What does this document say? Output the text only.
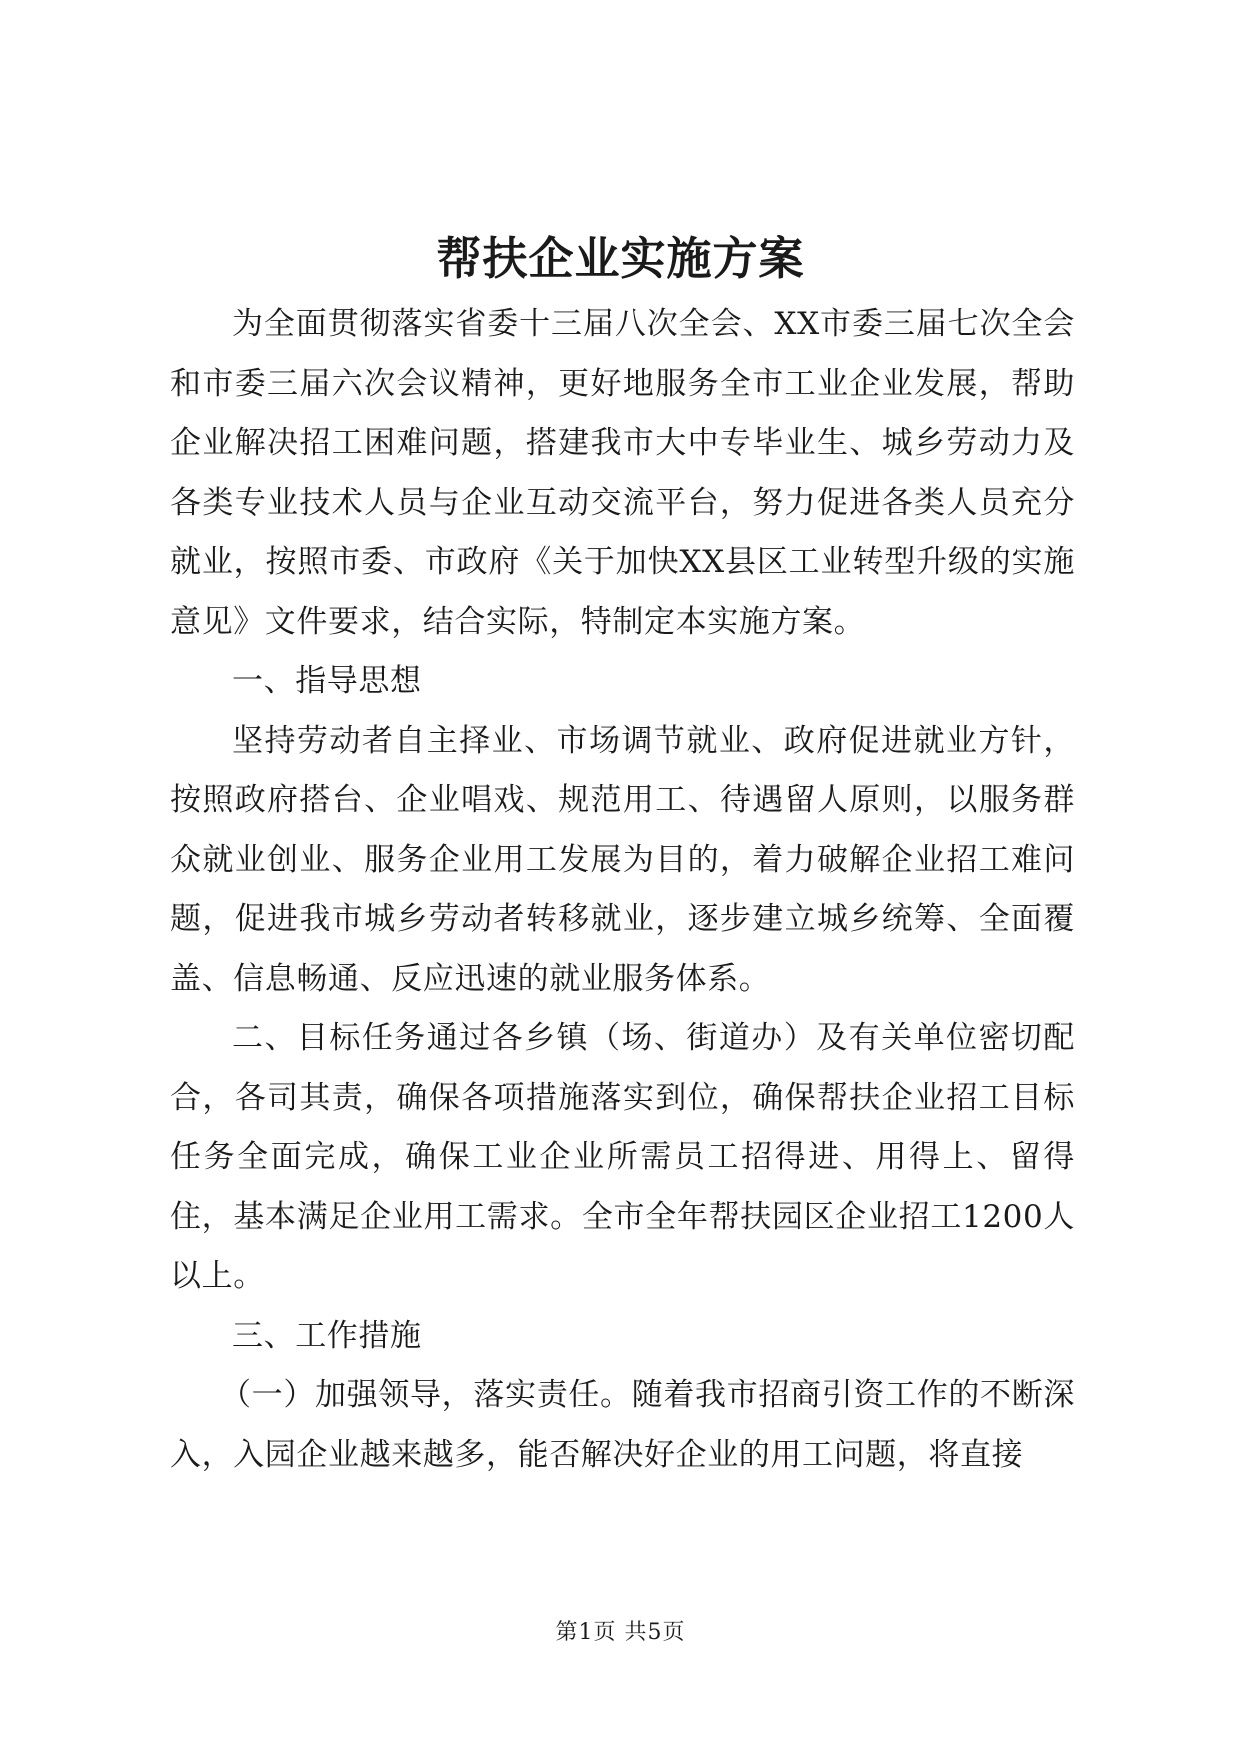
帮扶企业实施方案

为全面贯彻落实省委十三届八次全会、XX市委三届七次全会和市委三届六次会议精神，更好地服务全市工业企业发展，帮助企业解决招工困难问题，搭建我市大中专毕业生、城乡劳动力及各类专业技术人员与企业互动交流平台，努力促进各类人员充分就业，按照市委、市政府《关于加快XX县区工业转型升级的实施意见》文件要求，结合实际，特制定本实施方案。

一、指导思想

坚持劳动者自主择业、市场调节就业、政府促进就业方针，按照政府搭台、企业唱戏、规范用工、待遇留人原则，以服务群众就业创业、服务企业用工发展为目的，着力破解企业招工难问题，促进我市城乡劳动者转移就业，逐步建立城乡统筹、全面覆盖、信息畅通、反应迅速的就业服务体系。

二、目标任务通过各乡镇（场、街道办）及有关单位密切配合，各司其责，确保各项措施落实到位，确保帮扶企业招工目标任务全面完成，确保工业企业所需员工招得进、用得上、留得住，基本满足企业用工需求。全市全年帮扶园区企业招工1200人以上。

三、工作措施

（一）加强领导，落实责任。随着我市招商引资工作的不断深入，入园企业越来越多，能否解决好企业的用工问题，将直接

第1页 共5页
